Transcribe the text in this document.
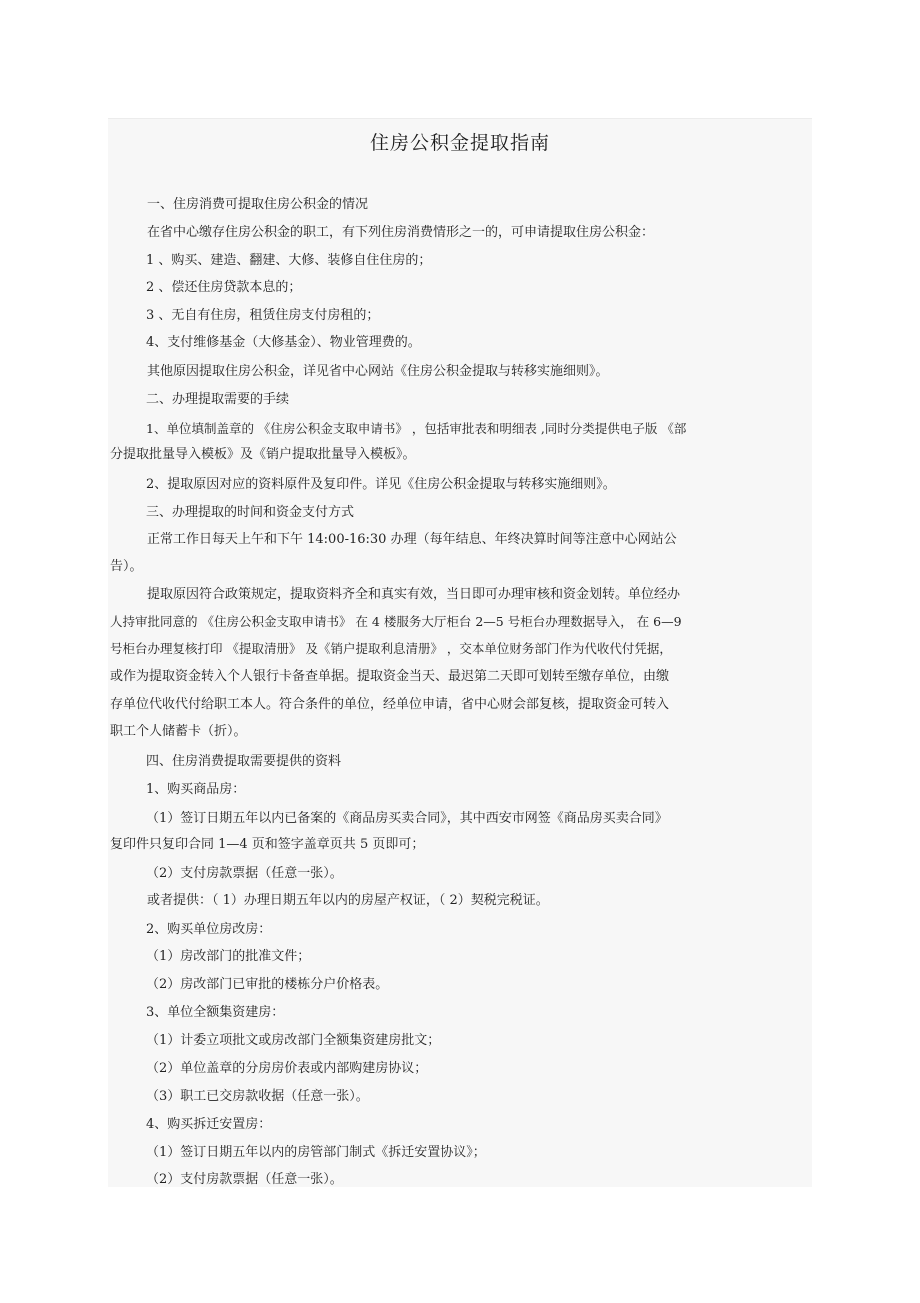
住房公积金提取指南
一、住房消费可提取住房公积金的情况
在省中心缴存住房公积金的职工，有下列住房消费情形之一的，可申请提取住房公积金：
1 、购买、建造、翻建、大修、装修自住住房的；
2 、偿还住房贷款本息的；
3 、无自有住房，租赁住房支付房租的；
4、支付维修基金（大修基金）、物业管理费的。
其他原因提取住房公积金，详见省中心网站《住房公积金提取与转移实施细则》。
二、办理提取需要的手续
1、单位填制盖章的 《住房公积金支取申请书》 ，包括审批表和明细表 ,同时分类提供电子版 《部
分提取批量导入模板》及《销户提取批量导入模板》。
2、提取原因对应的资料原件及复印件。详见《住房公积金提取与转移实施细则》。
三、办理提取的时间和资金支付方式
正常工作日每天上午和下午 14:00-16:30 办理（每年结息、年终决算时间等注意中心网站公
告）。
提取原因符合政策规定，提取资料齐全和真实有效，当日即可办理审核和资金划转。单位经办
人持审批同意的 《住房公积金支取申请书》 在 4 楼服务大厅柜台 2—5 号柜台办理数据导入， 在 6—9
号柜台办理复核打印 《提取清册》 及《销户提取利息清册》 ，交本单位财务部门作为代收代付凭据，
或作为提取资金转入个人银行卡备查单据。提取资金当天、最迟第二天即可划转至缴存单位，由缴
存单位代收代付给职工本人。符合条件的单位，经单位申请，省中心财会部复核，提取资金可转入
职工个人储蓄卡（折）。
四、住房消费提取需要提供的资料
1、购买商品房：
（1）签订日期五年以内已备案的《商品房买卖合同》，其中西安市网签《商品房买卖合同》
复印件只复印合同 1—4 页和签字盖章页共 5 页即可；
（2）支付房款票据（任意一张）。
或者提供：（ 1）办理日期五年以内的房屋产权证，（ 2）契税完税证。
2、购买单位房改房：
（1）房改部门的批准文件；
（2）房改部门已审批的楼栋分户价格表。
3、单位全额集资建房：
（1）计委立项批文或房改部门全额集资建房批文；
（2）单位盖章的分房房价表或内部购建房协议；
（3）职工已交房款收据（任意一张）。
4、购买拆迁安置房：
（1）签订日期五年以内的房管部门制式《拆迁安置协议》；
（2）支付房款票据（任意一张）。
